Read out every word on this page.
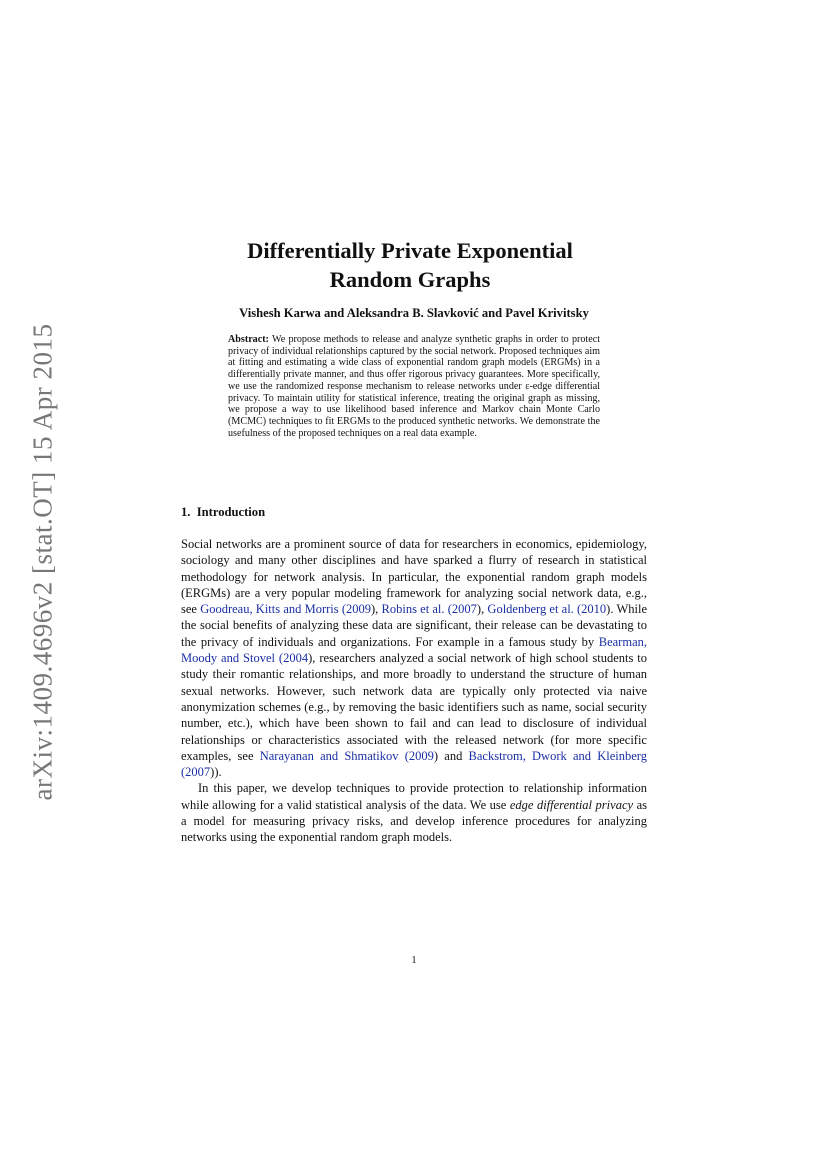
arXiv:1409.4696v2 [stat.OT] 15 Apr 2015
Differentially Private Exponential
Random Graphs
Vishesh Karwa and Aleksandra B. Slavković and Pavel Krivitsky
Abstract: We propose methods to release and analyze synthetic graphs in order to protect privacy of individual relationships captured by the social network. Proposed techniques aim at fitting and estimating a wide class of exponential random graph models (ERGMs) in a differentially private manner, and thus offer rigorous privacy guarantees. More specifically, we use the randomized response mechanism to release networks under ε-edge differential privacy. To maintain utility for statistical inference, treating the original graph as missing, we propose a way to use likelihood based inference and Markov chain Monte Carlo (MCMC) techniques to fit ERGMs to the produced synthetic networks. We demonstrate the usefulness of the proposed techniques on a real data example.
1. Introduction

Social networks are a prominent source of data for researchers in economics, epidemiology, sociology and many other disciplines and have sparked a flurry of research in statistical methodology for network analysis. In particular, the exponential random graph models (ERGMs) are a very popular modeling framework for analyzing social network data, e.g., see Goodreau, Kitts and Morris (2009), Robins et al. (2007), Goldenberg et al. (2010). While the social benefits of analyzing these data are significant, their release can be devastating to the privacy of individuals and organizations. For example in a famous study by Bearman, Moody and Stovel (2004), researchers analyzed a social network of high school students to study their romantic relationships, and more broadly to understand the structure of human sexual networks. However, such network data are typically only protected via naive anonymization schemes (e.g., by removing the basic identifiers such as name, social security number, etc.), which have been shown to fail and can lead to disclosure of individual relationships or characteristics associated with the released network (for more specific examples, see Narayanan and Shmatikov (2009) and Backstrom, Dwork and Kleinberg (2007)).

In this paper, we develop techniques to provide protection to relationship information while allowing for a valid statistical analysis of the data. We use edge differential privacy as a model for measuring privacy risks, and develop inference procedures for analyzing networks using the exponential random graph models.

1
